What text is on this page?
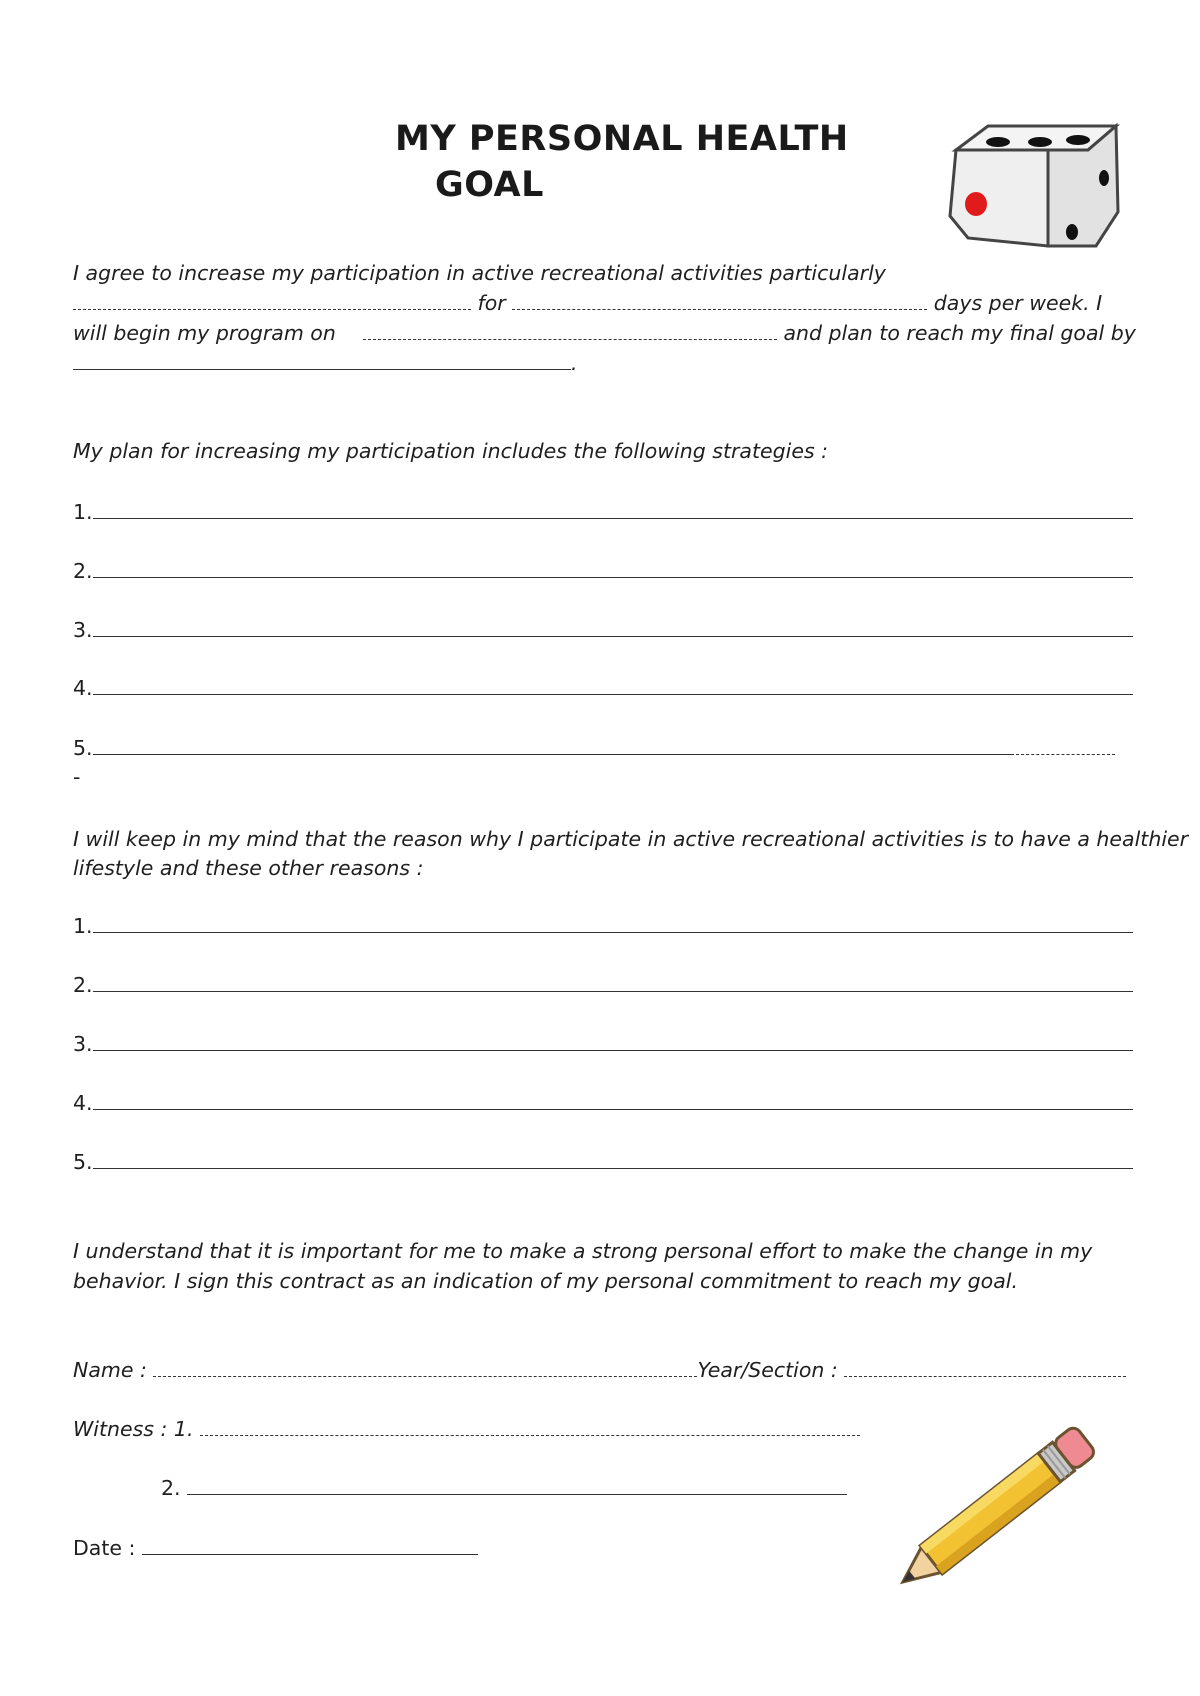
MY PERSONAL HEALTH
GOAL
I agree to increase my participation in active recreational activities particularly
for	days per week. I
will begin my program on	and plan to reach my final goal by
.
My plan for increasing my participation includes the following strategies :
1.
2.
3.
4.
5.
-
I will keep in my mind that the reason why I participate in active recreational activities is to have a healthier
lifestyle and these other reasons :
1.
2.
3.
4.
5.
I understand that it is important for me to make a strong personal effort to make the change in my
behavior. I sign this contract as an indication of my personal commitment to reach my goal.
Name :	Year/Section :
Witness : 1.
2.
Date :
